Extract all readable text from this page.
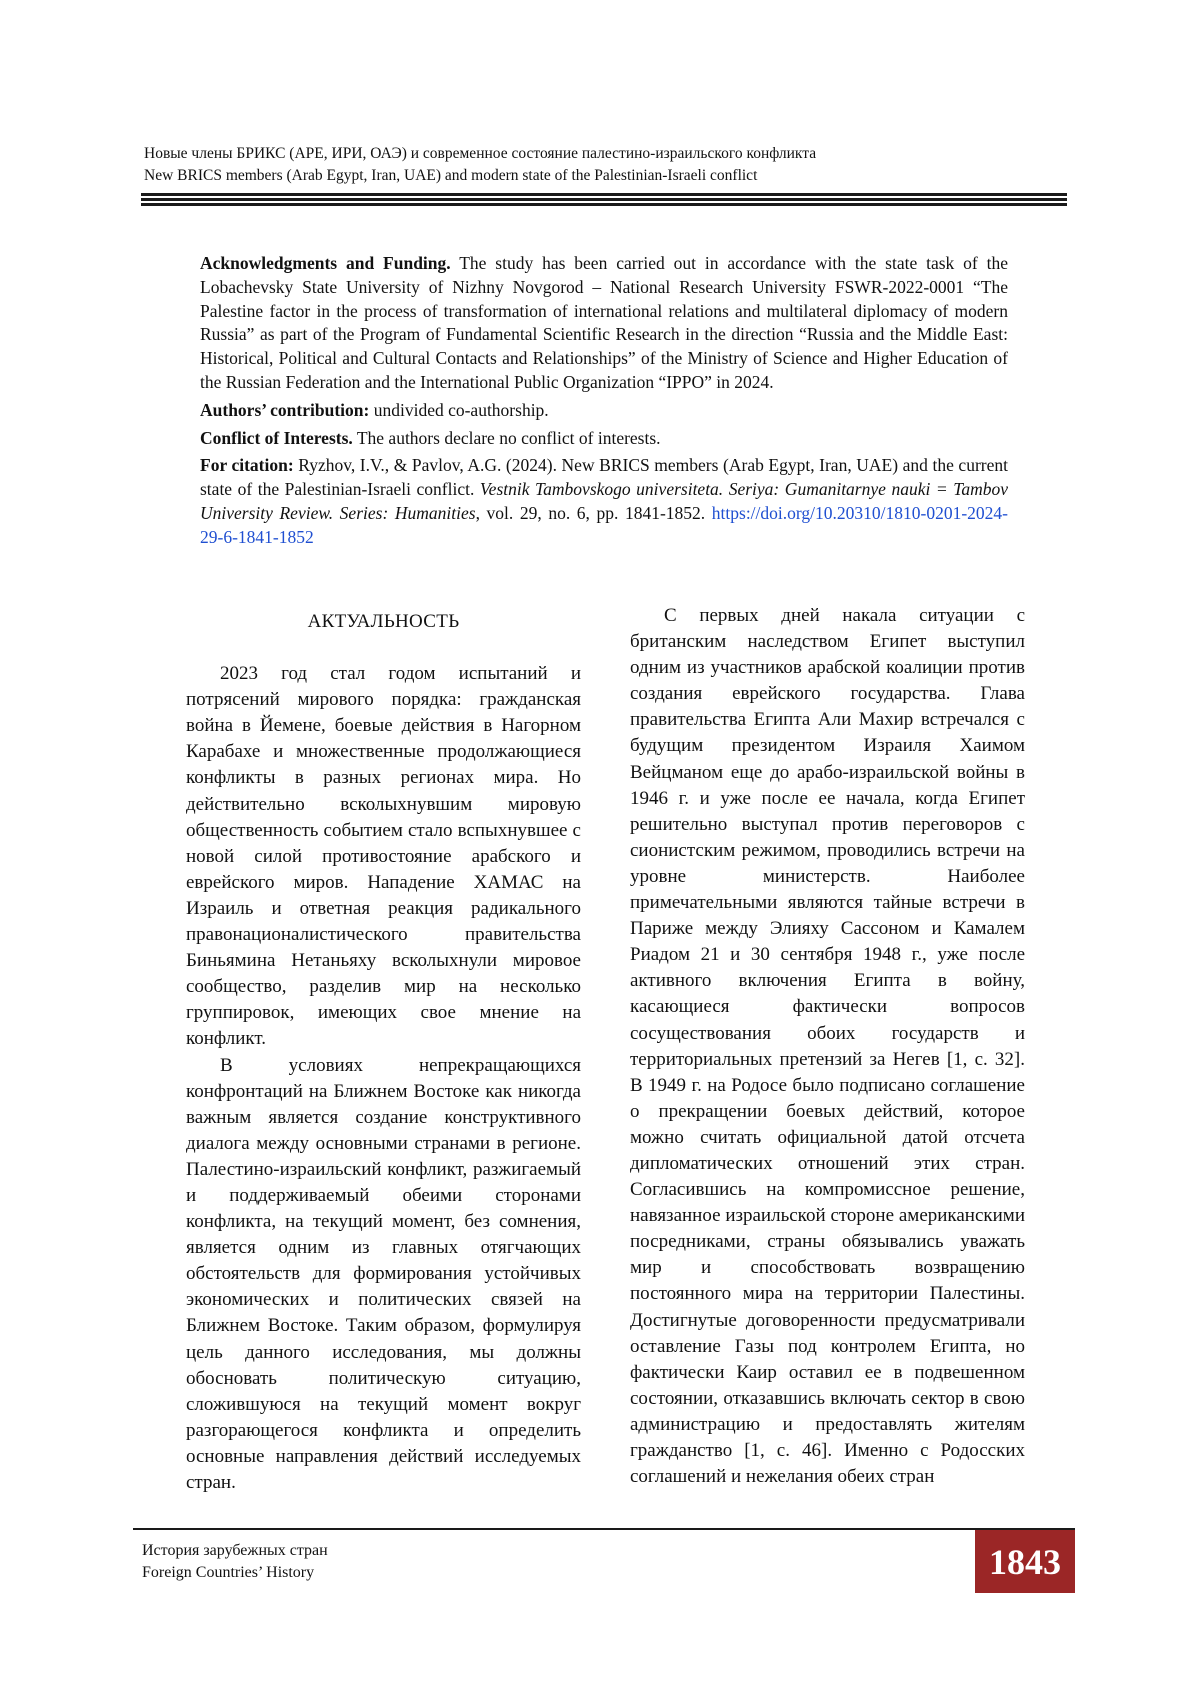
Новые члены БРИКС (АРЕ, ИРИ, ОАЭ) и современное состояние палестино-израильского конфликта
New BRICS members (Arab Egypt, Iran, UAE) and modern state of the Palestinian-Israeli conflict

Acknowledgments and Funding. The study has been carried out in accordance with the state task of the Lobachevsky State University of Nizhny Novgorod – National Research University FSWR-2022-0001 “The Palestine factor in the process of transformation of international relations and multilateral diplomacy of modern Russia” as part of the Program of Fundamental Scientific Research in the direction “Russia and the Middle East: Historical, Political and Cultural Contacts and Relationships” of the Ministry of Science and Higher Education of the Russian Federation and the International Public Organization “IPPO” in 2024.

Authors’ contribution: undivided co-authorship.

Conflict of Interests. The authors declare no conflict of interests.

For citation: Ryzhov, I.V., & Pavlov, A.G. (2024). New BRICS members (Arab Egypt, Iran, UAE) and the current state of the Palestinian-Israeli conflict. Vestnik Tambovskogo universiteta. Seriya: Gumanitarnye nauki = Tambov University Review. Series: Humanities, vol. 29, no. 6, pp. 1841-1852. https://doi.org/10.20310/1810-0201-2024-29-6-1841-1852

АКТУАЛЬНОСТЬ

2023 год стал годом испытаний и потрясений мирового порядка: гражданская война в Йемене, боевые действия в Нагорном Карабахе и множественные продолжающиеся конфликты в разных регионах мира. Но действительно всколыхнувшим мировую общественность событием стало вспыхнувшее с новой силой противостояние арабского и еврейского миров. Нападение ХАМАС на Израиль и ответная реакция радикального правонационалистического правительства Биньямина Нетаньяху всколыхнули мировое сообщество, разделив мир на несколько группировок, имеющих свое мнение на конфликт.

В условиях непрекращающихся конфронтаций на Ближнем Востоке как никогда важным является создание конструктивного диалога между основными странами в регионе. Палестино-израильский конфликт, разжигаемый и поддерживаемый обеими сторонами конфликта, на текущий момент, без сомнения, является одним из главных отягчающих обстоятельств для формирования устойчивых экономических и политических связей на Ближнем Востоке. Таким образом, формулируя цель данного исследования, мы должны обосновать политическую ситуацию, сложившуюся на текущий момент вокруг разгорающегося конфликта и определить основные направления действий исследуемых стран.

С первых дней накала ситуации с британским наследством Египет выступил одним из участников арабской коалиции против создания еврейского государства. Глава правительства Египта Али Махир встречался с будущим президентом Израиля Хаимом Вейцманом еще до арабо-израильской войны в 1946 г. и уже после ее начала, когда Египет решительно выступал против переговоров с сионистским режимом, проводились встречи на уровне министерств. Наиболее примечательными являются тайные встречи в Париже между Элияху Сассоном и Камалем Риадом 21 и 30 сентября 1948 г., уже после активного включения Египта в войну, касающиеся фактически вопросов сосуществования обоих государств и территориальных претензий за Негев [1, с. 32]. В 1949 г. на Родосе было подписано соглашение о прекращении боевых действий, которое можно считать официальной датой отсчета дипломатических отношений этих стран. Согласившись на компромиссное решение, навязанное израильской стороне американскими посредниками, страны обязывались уважать мир и способствовать возвращению постоянного мира на территории Палестины. Достигнутые договоренности предусматривали оставление Газы под контролем Египта, но фактически Каир оставил ее в подвешенном состоянии, отказавшись включать сектор в свою администрацию и предоставлять жителям гражданство [1, с. 46]. Именно с Родосских соглашений и нежелания обеих стран

История зарубежных стран
Foreign Countries’ History	1843
